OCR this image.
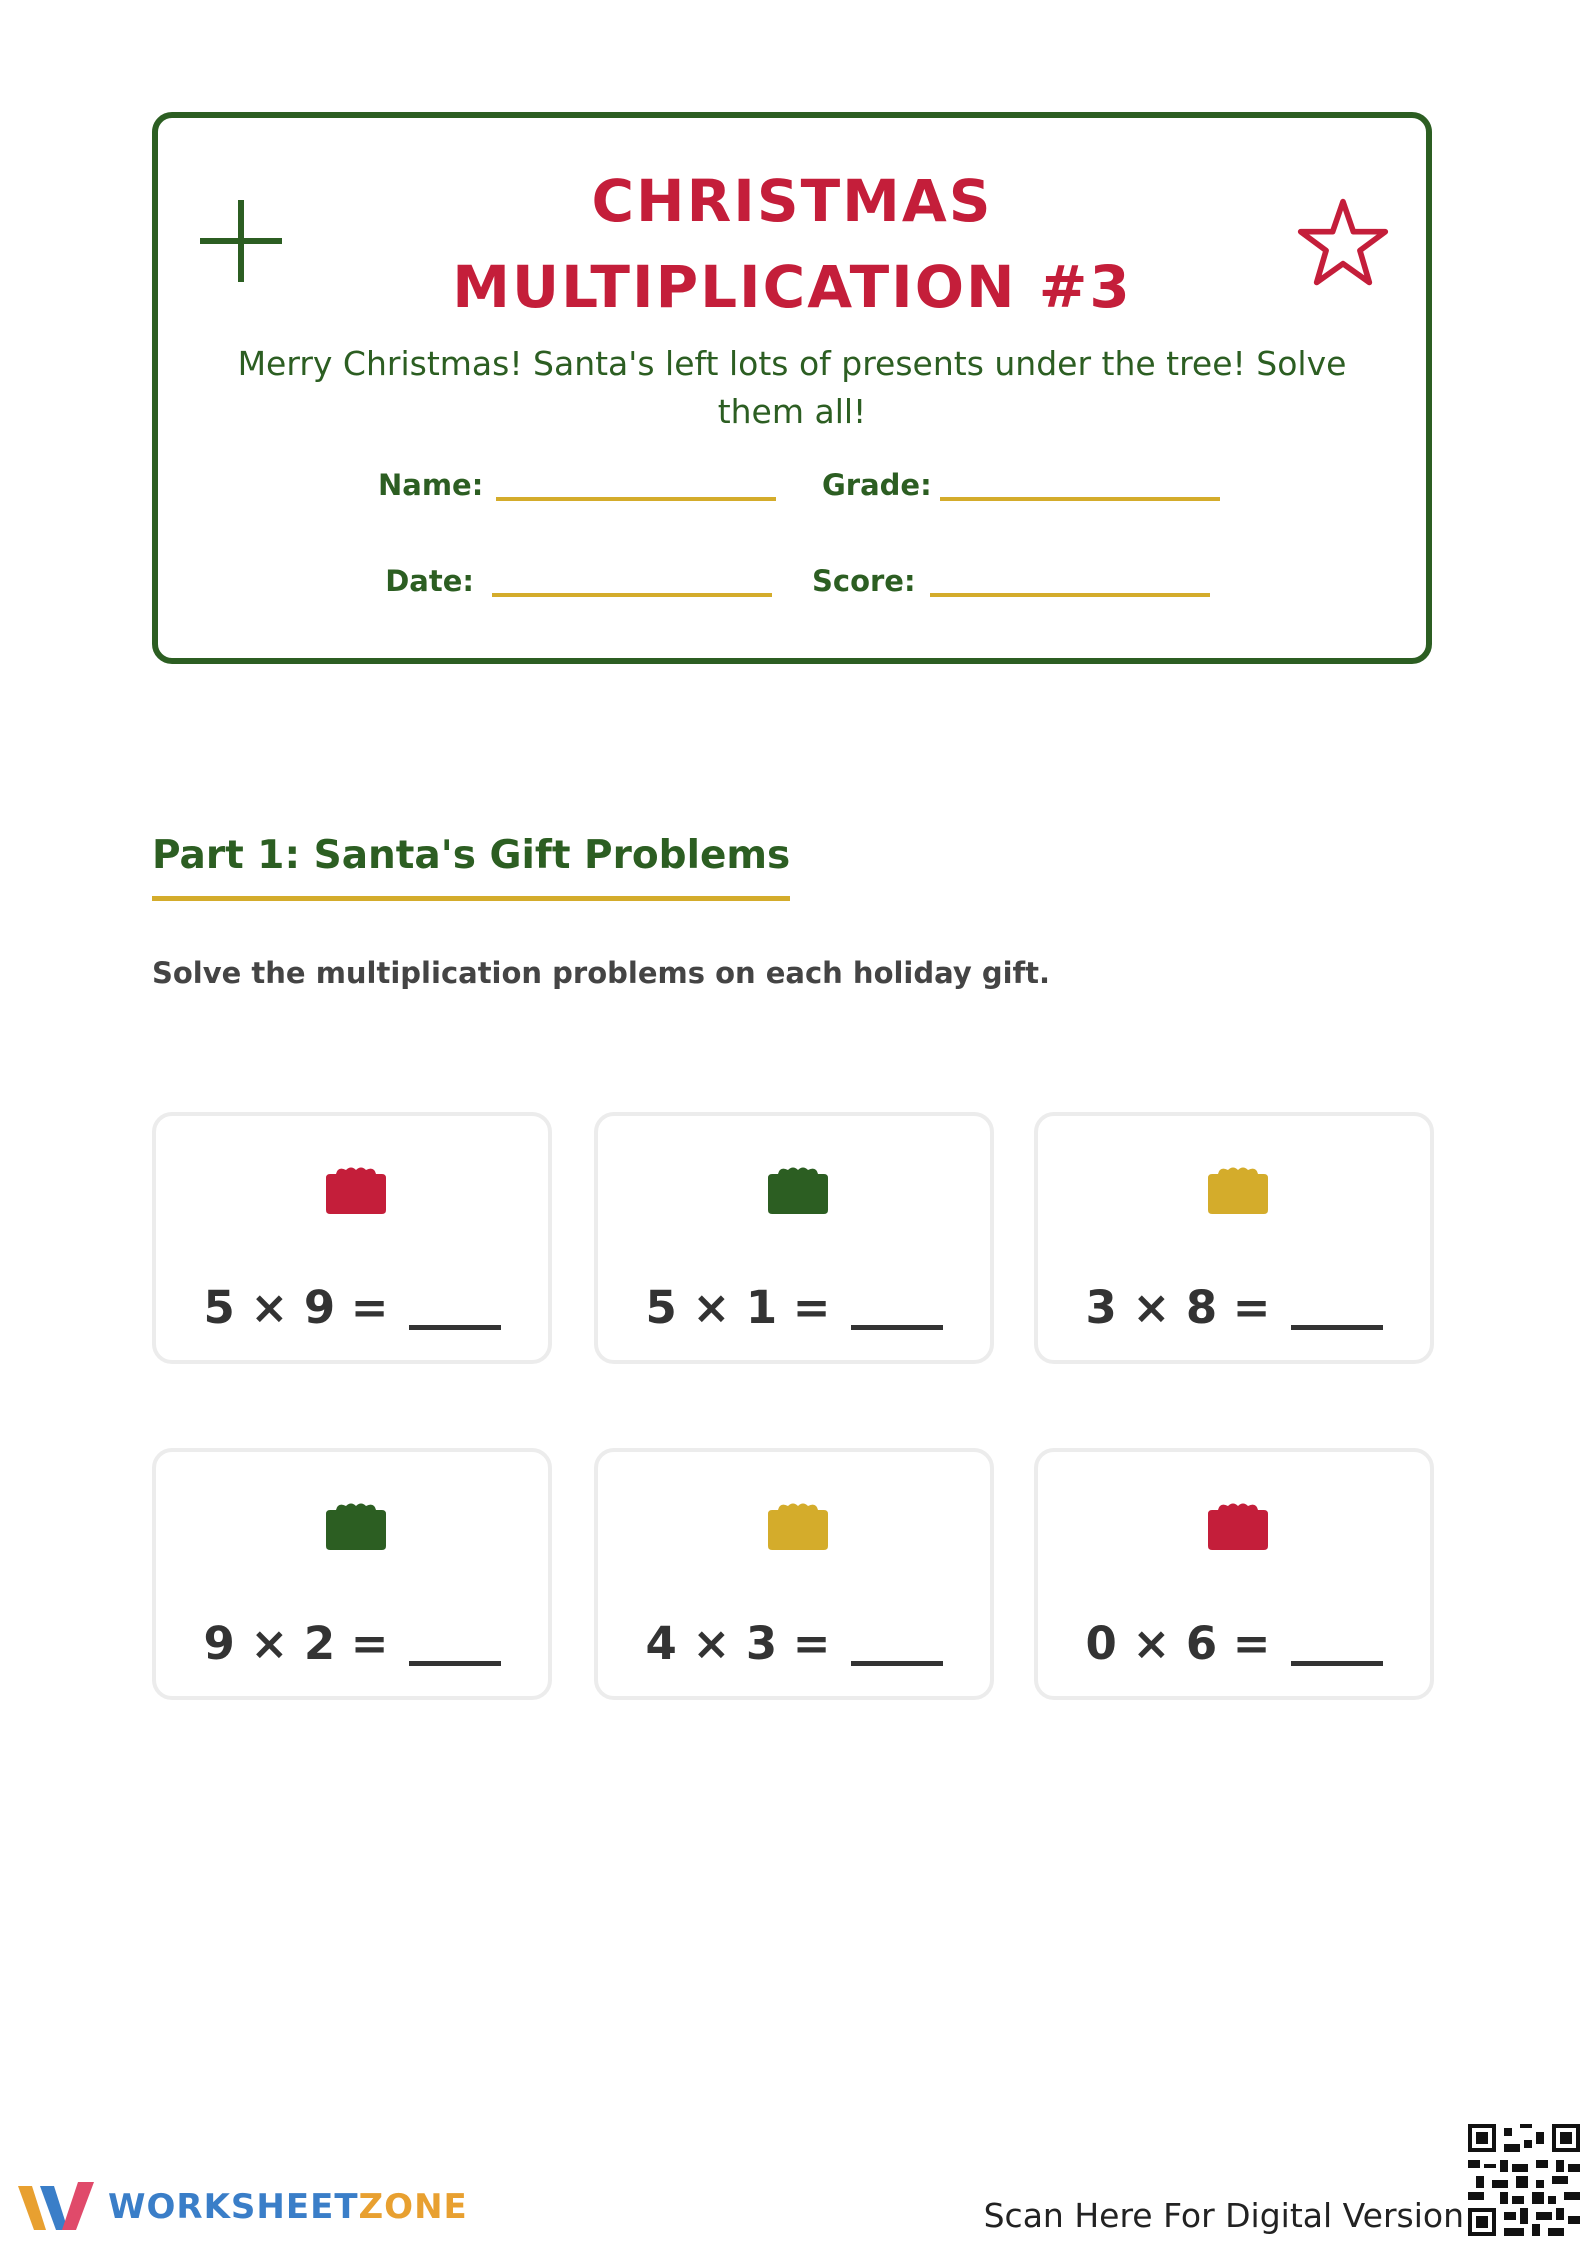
CHRISTMAS
MULTIPLICATION #3

Merry Christmas! Santa's left lots of presents under the tree! Solve them all!

Name:	Grade:
Date:	Score:
Part 1: Santa's Gift Problems

Solve the multiplication problems on each holiday gift.

5 × 9 =	5 × 1 =	3 × 8 =
9 × 2 =	4 × 3 =	0 × 6 =
WORKSHEETZONE	Scan Here For Digital Version
